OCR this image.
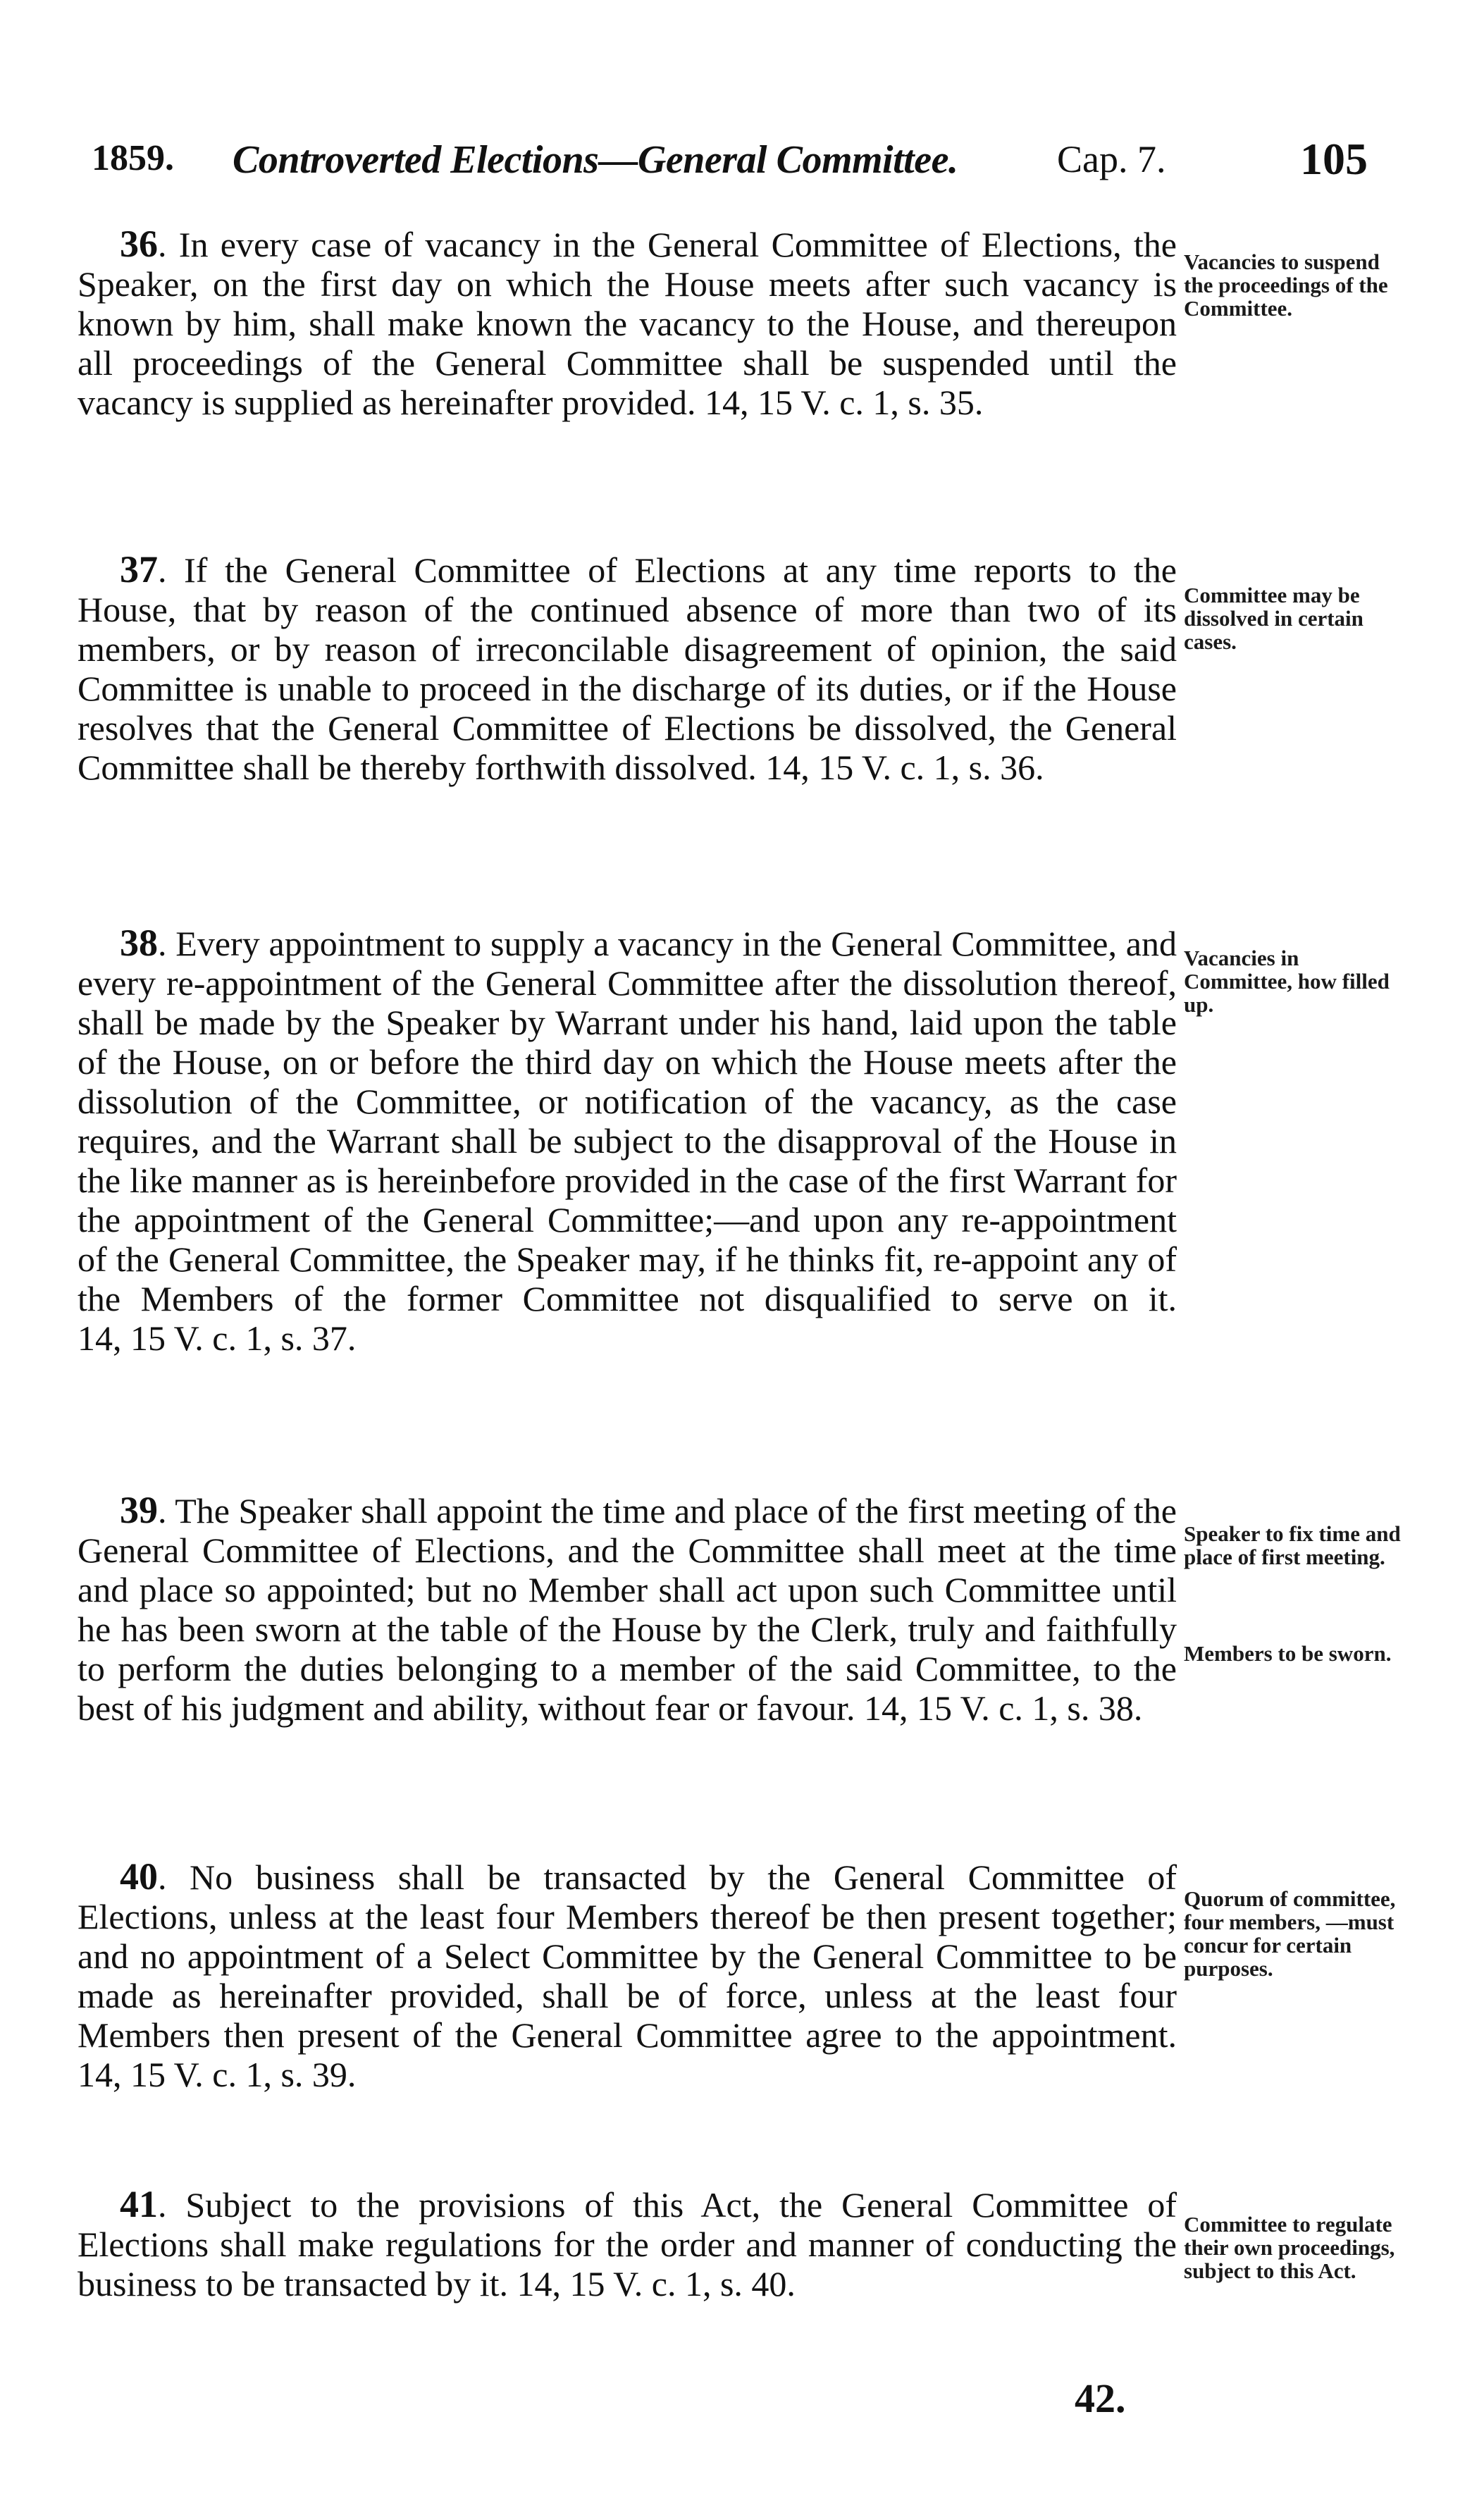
1859. Controverted Elections—General Committee.	Cap. 7.	105

36. In every case of vacancy in the General Committee of Elections, the Speaker, on the first day on which the House meets after such vacancy is known by him, shall make known the vacancy to the House, and thereupon all proceedings of the General Committee shall be suspended until the vacancy is supplied as hereinafter provided. 14, 15 V. c. 1, s. 35.

Vacancies to suspend the proceedings of the Committee.

37. If the General Committee of Elections at any time reports to the House, that by reason of the continued absence of more than two of its members, or by reason of irreconcilable disagreement of opinion, the said Committee is unable to proceed in the discharge of its duties, or if the House resolves that the General Committee of Elections be dissolved, the General Committee shall be thereby forthwith dissolved. 14, 15 V. c. 1, s. 36.

Committee may be dissolved in certain cases.

38. Every appointment to supply a vacancy in the General Committee, and every re-appointment of the General Committee after the dissolution thereof, shall be made by the Speaker by Warrant under his hand, laid upon the table of the House, on or before the third day on which the House meets after the dissolution of the Committee, or notification of the vacancy, as the case requires, and the Warrant shall be subject to the disapproval of the House in the like manner as is hereinbefore provided in the case of the first Warrant for the appointment of the General Committee;—and upon any re-appointment of the General Committee, the Speaker may, if he thinks fit, re-appoint any of the Members of the former Committee not disqualified to serve on it. 14, 15 V. c. 1, s. 37.

Vacancies in Committee, how filled up.

39. The Speaker shall appoint the time and place of the first meeting of the General Committee of Elections, and the Committee shall meet at the time and place so appointed; but no Member shall act upon such Committee until he has been sworn at the table of the House by the Clerk, truly and faithfully to perform the duties belonging to a member of the said Committee, to the best of his judgment and ability, without fear or favour. 14, 15 V. c. 1, s. 38.

Speaker to fix time and place of first meeting.
Members to be sworn.

40. No business shall be transacted by the General Committee of Elections, unless at the least four Members thereof be then present together; and no appointment of a Select Committee by the General Committee to be made as hereinafter provided, shall be of force, unless at the least four Members then present of the General Committee agree to the appointment. 14, 15 V. c. 1, s. 39.

Quorum of committee, four members, —must concur for certain purposes.

41. Subject to the provisions of this Act, the General Committee of Elections shall make regulations for the order and manner of conducting the business to be transacted by it. 14, 15 V. c. 1, s. 40.

Committee to regulate their own proceedings, subject to this Act.
42.
